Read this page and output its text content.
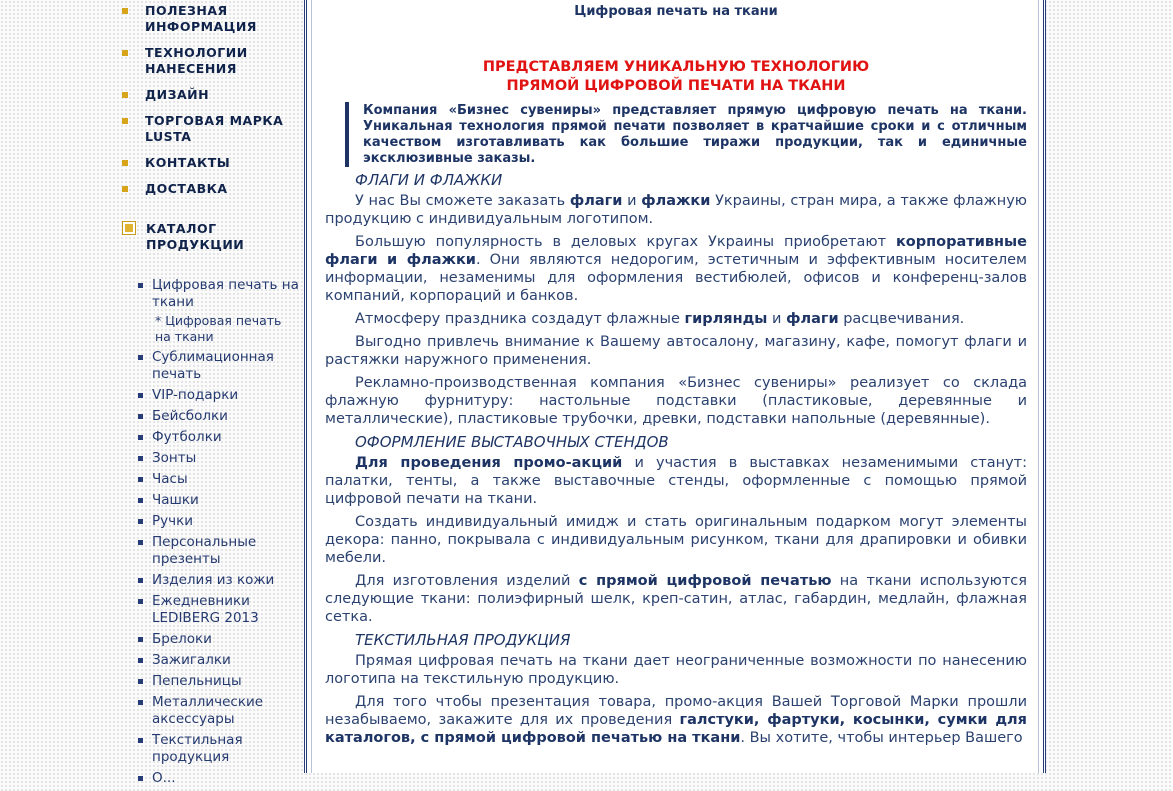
ПОЛЕЗНАЯ ИНФОРМАЦИЯ
ТЕХНОЛОГИИ НАНЕСЕНИЯ
ДИЗАЙН
ТОРГОВАЯ МАРКА LUSTA
КОНТАКТЫ
ДОСТАВКА
КАТАЛОГ ПРОДУКЦИИ
Цифровая печать на ткани
* Цифровая печать на ткани
Сублимационная печать
VIP-подарки
Бейсболки
Футболки
Зонты
Часы
Чашки
Ручки
Персональные презенты
Изделия из кожи
Ежедневники LEDIBERG 2013
Брелоки
Зажигалки
Пепельницы
Металлические аксессуары
Текстильная продукция
О...
Цифровая печать на ткани
ПРЕДСТАВЛЯЕМ УНИКАЛЬНУЮ ТЕХНОЛОГИЮ
ПРЯМОЙ ЦИФРОВОЙ ПЕЧАТИ НА ТКАНИ
Компания «Бизнес сувениры» представляет прямую цифровую печать на ткани. Уникальная технология прямой печати позволяет в кратчайшие сроки и с отличным качеством изготавливать как большие тиражи продукции, так и единичные эксклюзивные заказы.
ФЛАГИ И ФЛАЖКИ

У нас Вы сможете заказать флаги и флажки Украины, стран мира, а также флажную продукцию с индивидуальным логотипом.

Большую популярность в деловых кругах Украины приобретают корпоративные флаги и флажки. Они являются недорогим, эстетичным и эффективным носителем информации, незаменимы для оформления вестибюлей, офисов и конференц-залов компаний, корпораций и банков.

Атмосферу праздника создадут флажные гирлянды и флаги расцвечивания.

Выгодно привлечь внимание к Вашему автосалону, магазину, кафе, помогут флаги и растяжки наружного применения.

Рекламно-производственная компания «Бизнес сувениры» реализует со склада флажную фурнитуру: настольные подставки (пластиковые, деревянные и металлические), пластиковые трубочки, древки, подставки напольные (деревянные).

ОФОРМЛЕНИЕ ВЫСТАВОЧНЫХ СТЕНДОВ

Для проведения промо-акций и участия в выставках незаменимыми станут: палатки, тенты, а также выставочные стенды, оформленные с помощью прямой цифровой печати на ткани.

Создать индивидуальный имидж и стать оригинальным подарком могут элементы декора: панно, покрывала с индивидуальным рисунком, ткани для драпировки и обивки мебели.

Для изготовления изделий с прямой цифровой печатью на ткани используются следующие ткани: полиэфирный шелк, креп-сатин, атлас, габардин, медлайн, флажная сетка.

ТЕКСТИЛЬНАЯ ПРОДУКЦИЯ

Прямая цифровая печать на ткани дает неограниченные возможности по нанесению логотипа на текстильную продукцию.

Для того чтобы презентация товара, промо-акция Вашей Торговой Марки прошли незабываемо, закажите для их проведения галстуки, фартуки, косынки, сумки для каталогов, с прямой цифровой печатью на ткани. Вы хотите, чтобы интерьер Вашего
